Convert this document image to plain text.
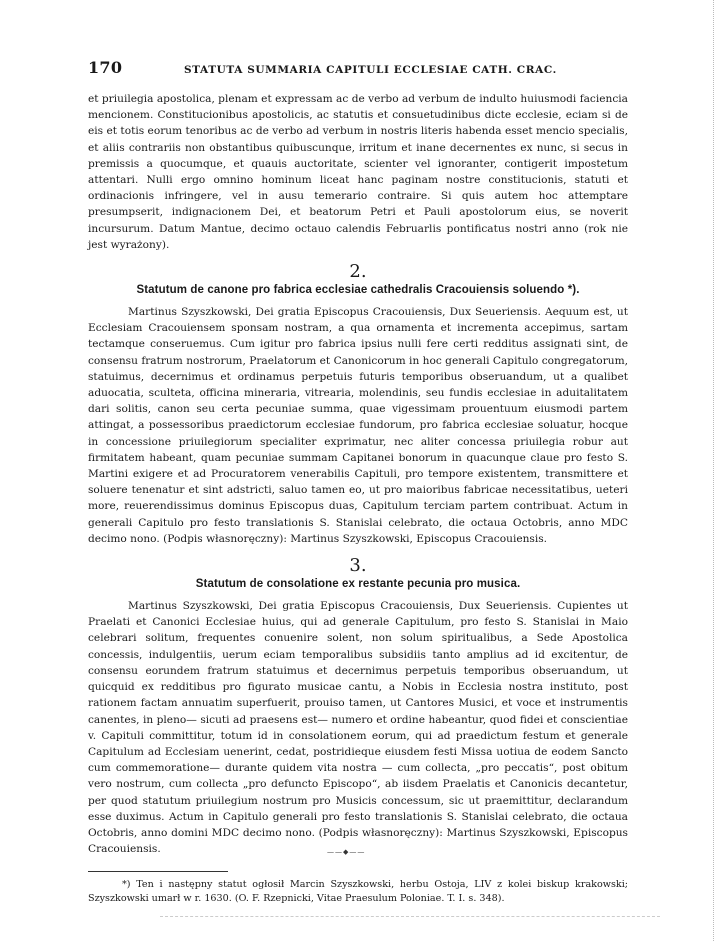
170	STATUTA SUMMARIA CAPITULI ECCLESIAE CATH. CRAC.

et priuilegia apostolica, plenam et expressam ac de verbo ad verbum de indulto huiusmodi faciencia mencionem. Constitucionibus apostolicis, ac statutis et consuetudinibus dicte ecclesie, eciam si de eis et totis eorum tenoribus ac de verbo ad verbum in nostris literis habenda esset mencio specialis, et aliis contrariis non obstantibus quibuscunque, irritum et inane decernentes ex nunc, si secus in premissis a quocumque, et quauis auctoritate, scienter vel ignoranter, contigerit impostetum attentari. Nulli ergo omnino hominum liceat hanc paginam nostre constitucionis, statuti et ordinacionis infringere, vel in ausu temerario contraire. Si quis autem hoc attemptare presumpserit, indignacionem Dei, et beatorum Petri et Pauli apostolorum eius, se noverit incursurum. Datum Mantue, decimo octauo calendis Februarlis pontificatus nostri anno (rok nie jest wyrażony).

2.
Statutum de canone pro fabrica ecclesiae cathedralis Cracouiensis soluendo *).

Martinus Szyszkowski, Dei gratia Episcopus Cracouiensis, Dux Seueriensis. Aequum est, ut Ecclesiam Cracouiensem sponsam nostram, a qua ornamenta et incrementa accepimus, sartam tectamque conseruemus. Cum igitur pro fabrica ipsius nulli fere certi redditus assignati sint, de consensu fratrum nostrorum, Praelatorum et Canonicorum in hoc generali Capitulo congregatorum, statuimus, decernimus et ordinamus perpetuis futuris temporibus obseruandum, ut a qualibet aduocatia, sculteta, officina mineraria, vitrearia, molendinis, seu fundis ecclesiae in aduitalitatem dari solitis, canon seu certa pecuniae summa, quae vigessimam prouentuum eiusmodi partem attingat, a possessoribus praedictorum ecclesiae fundorum, pro fabrica ecclesiae soluatur, hocque in concessione priuilegiorum specialiter exprimatur, nec aliter concessa priuilegia robur aut firmitatem habeant, quam pecuniae summam Capitanei bonorum in quacunque claue pro festo S. Martini exigere et ad Procuratorem venerabilis Capituli, pro tempore existentem, transmittere et soluere tenenatur et sint adstricti, saluo tamen eo, ut pro maioribus fabricae necessitatibus, ueteri more, reuerendissimus dominus Episcopus duas, Capitulum terciam partem contribuat. Actum in generali Capitulo pro festo translationis S. Stanislai celebrato, die octaua Octobris, anno MDC decimo nono. (Podpis własnoręczny): Martinus Szyszkowski, Episcopus Cracouiensis.

3.
Statutum de consolatione ex restante pecunia pro musica.

Martinus Szyszkowski, Dei gratia Episcopus Cracouiensis, Dux Seueriensis. Cupientes ut Praelati et Canonici Ecclesiae huius, qui ad generale Capitulum, pro festo S. Stanislai in Maio celebrari solitum, frequentes conuenire solent, non solum spiritualibus, a Sede Apostolica concessis, indulgentiis, uerum eciam temporalibus subsidiis tanto amplius ad id excitentur, de consensu eorundem fratrum statuimus et decernimus perpetuis temporibus obseruandum, ut quicquid ex redditibus pro figurato musicae cantu, a Nobis in Ecclesia nostra instituto, post rationem factam annuatim superfuerit, prouiso tamen, ut Cantores Musici, et voce et instrumentis canentes, in pleno— sicuti ad praesens est— numero et ordine habeantur, quod fidei et conscientiae v. Capituli committitur, totum id in consolationem eorum, qui ad praedictum festum et generale Capitulum ad Ecclesiam uenerint, cedat, postridieque eiusdem festi Missa uotiua de eodem Sancto cum commemoratione— durante quidem vita nostra — cum collecta, „pro peccatis“, post obitum vero nostrum, cum collecta „pro defuncto Episcopo“, ab iisdem Praelatis et Canonicis decantetur, per quod statutum priuilegium nostrum pro Musicis concessum, sic ut praemittitur, declarandum esse duximus. Actum in Capitulo generali pro festo translationis S. Stanislai celebrato, die octaua Octobris, anno domini MDC decimo nono. (Podpis własnoręczny): Martinus Szyszkowski, Episcopus Cracouiensis.

*) Ten i następny statut ogłosił Marcin Szyszkowski, herbu Ostoja, LIV z kolei biskup krakowski; Szyszkowski umarł w r. 1630. (O. F. Rzepnicki, Vitae Praesulum Poloniae. T. I. s. 348).

——◆——
